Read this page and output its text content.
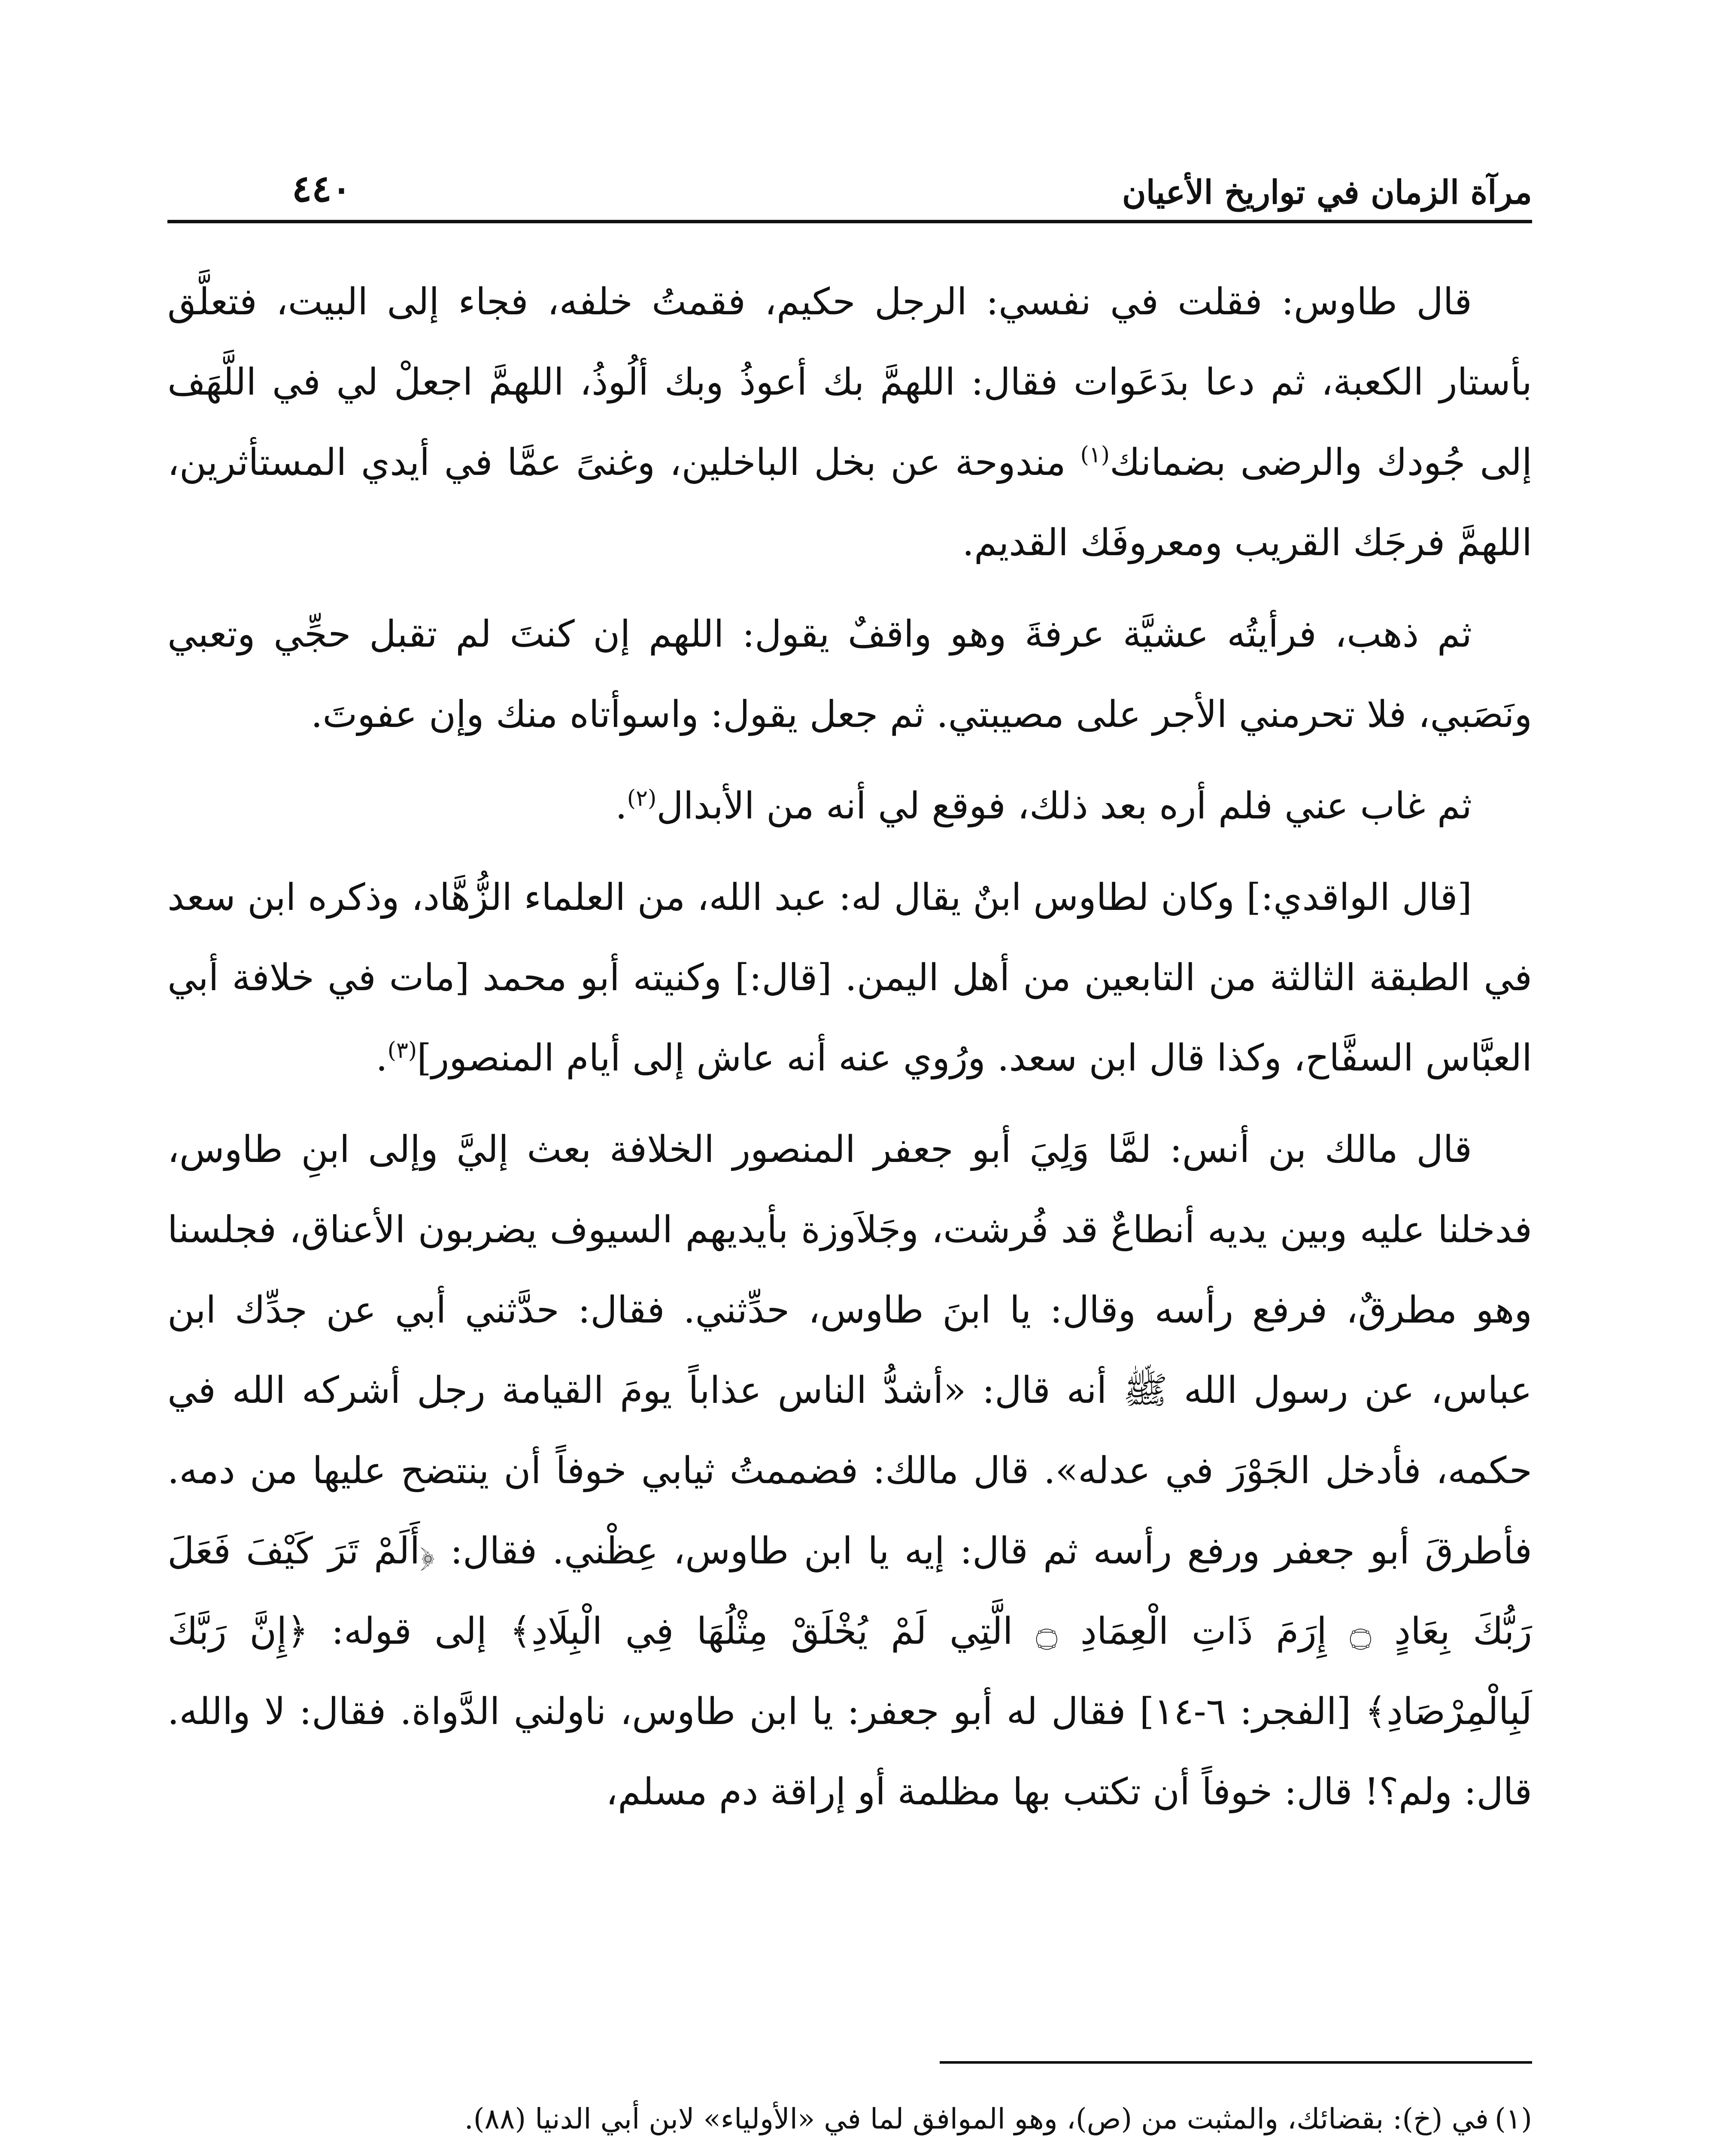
مرآة الزمان في تواريخ الأعيان
٤٤٠

قال طاوس: فقلت في نفسي: الرجل حكيم، فقمتُ خلفه، فجاء إلى البيت، فتعلَّق بأستار الكعبة، ثم دعا بدَعَوات فقال: اللهمَّ بك أعوذُ وبك ألُوذُ، اللهمَّ اجعلْ لي في اللَّهَف إلى جُودك والرضى بضمانك$^{(١)}$ مندوحة عن بخل الباخلين، وغنىً عمَّا في أيدي المستأثرين، اللهمَّ فرجَك القريب ومعروفَك القديم.

ثم ذهب، فرأيتُه عشيَّة عرفةَ وهو واقفٌ يقول: اللهم إن كنتَ لم تقبل حجِّي وتعبي ونَصَبي، فلا تحرمني الأجر على مصيبتي. ثم جعل يقول: واسوأتاه منك وإن عفوتَ.

ثم غاب عني فلم أره بعد ذلك، فوقع لي أنه من الأبدال$^{(٢)}$.

[قال الواقدي:] وكان لطاوس ابنٌ يقال له: عبد الله، من العلماء الزُّهَّاد، وذكره ابن سعد في الطبقة الثالثة من التابعين من أهل اليمن. [قال:] وكنيته أبو محمد [مات في خلافة أبي العبَّاس السفَّاح، وكذا قال ابن سعد. ورُوي عنه أنه عاش إلى أيام المنصور]$^{(٣)}$.

قال مالك بن أنس: لمَّا وَلِيَ أبو جعفر المنصور الخلافة بعث إليَّ وإلى ابنِ طاوس، فدخلنا عليه وبين يديه أنطاعٌ قد فُرشت، وجَلاَوزة بأيديهم السيوف يضربون الأعناق، فجلسنا وهو مطرقٌ، فرفع رأسه وقال: يا ابنَ طاوس، حدِّثني. فقال: حدَّثني أبي عن جدِّك ابن عباس، عن رسول الله ﷺ أنه قال: «أشدُّ الناس عذاباً يومَ القيامة رجل أشركه الله في حكمه، فأدخل الجَوْرَ في عدله». قال مالك: فضممتُ ثيابي خوفاً أن ينتضح عليها من دمه. فأطرقَ أبو جعفر ورفع رأسه ثم قال: إيه يا ابن طاوس، عِظْني. فقال: ﴿أَلَمْ تَرَ كَيْفَ فَعَلَ رَبُّكَ بِعَادٍ ۝ إِرَمَ ذَاتِ الْعِمَادِ ۝ الَّتِي لَمْ يُخْلَقْ مِثْلُهَا فِي الْبِلَادِ﴾ إلى قوله: ﴿إِنَّ رَبَّكَ لَبِالْمِرْصَادِ﴾ [الفجر: ٦-١٤] فقال له أبو جعفر: يا ابن طاوس، ناولني الدَّواة. فقال: لا والله. قال: ولم؟! قال: خوفاً أن تكتب بها مظلمة أو إراقة دم مسلم،

(١)في (خ): بقضائك، والمثبت من (ص)، وهو الموافق لما في «الأولياء» لابن أبي الدنيا (٨٨).
